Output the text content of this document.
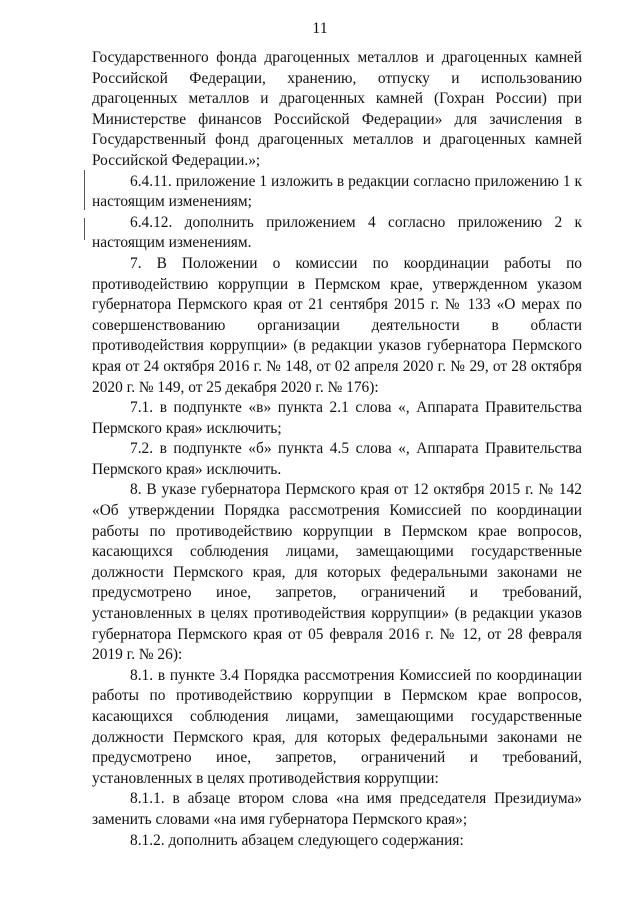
11

Государственного фонда драгоценных металлов и драгоценных камней Российской Федерации, хранению, отпуску и использованию драгоценных металлов и драгоценных камней (Гохран России) при Министерстве финансов Российской Федерации» для зачисления в Государственный фонд драгоценных металлов и драгоценных камней Российской Федерации.»;

6.4.11. приложение 1 изложить в редакции согласно приложению 1 к настоящим изменениям;

6.4.12. дополнить приложением 4 согласно приложению 2 к настоящим изменениям.

7. В Положении о комиссии по координации работы по противодействию коррупции в Пермском крае, утвержденном указом губернатора Пермского края от 21 сентября 2015 г. № 133 «О мерах по совершенствованию организации деятельности в области противодействия коррупции» (в редакции указов губернатора Пермского края от 24 октября 2016 г. № 148, от 02 апреля 2020 г. № 29, от 28 октября 2020 г. № 149, от 25 декабря 2020 г. № 176):

7.1. в подпункте «в» пункта 2.1 слова «, Аппарата Правительства Пермского края» исключить;

7.2. в подпункте «б» пункта 4.5 слова «, Аппарата Правительства Пермского края» исключить.

8. В указе губернатора Пермского края от 12 октября 2015 г. № 142 «Об утверждении Порядка рассмотрения Комиссией по координации работы по противодействию коррупции в Пермском крае вопросов, касающихся соблюдения лицами, замещающими государственные должности Пермского края, для которых федеральными законами не предусмотрено иное, запретов, ограничений и требований, установленных в целях противодействия коррупции» (в редакции указов губернатора Пермского края от 05 февраля 2016 г. № 12, от 28 февраля 2019 г. № 26):

8.1. в пункте 3.4 Порядка рассмотрения Комиссией по координации работы по противодействию коррупции в Пермском крае вопросов, касающихся соблюдения лицами, замещающими государственные должности Пермского края, для которых федеральными законами не предусмотрено иное, запретов, ограничений и требований, установленных в целях противодействия коррупции:

8.1.1. в абзаце втором слова «на имя председателя Президиума» заменить словами «на имя губернатора Пермского края»;

8.1.2. дополнить абзацем следующего содержания:
